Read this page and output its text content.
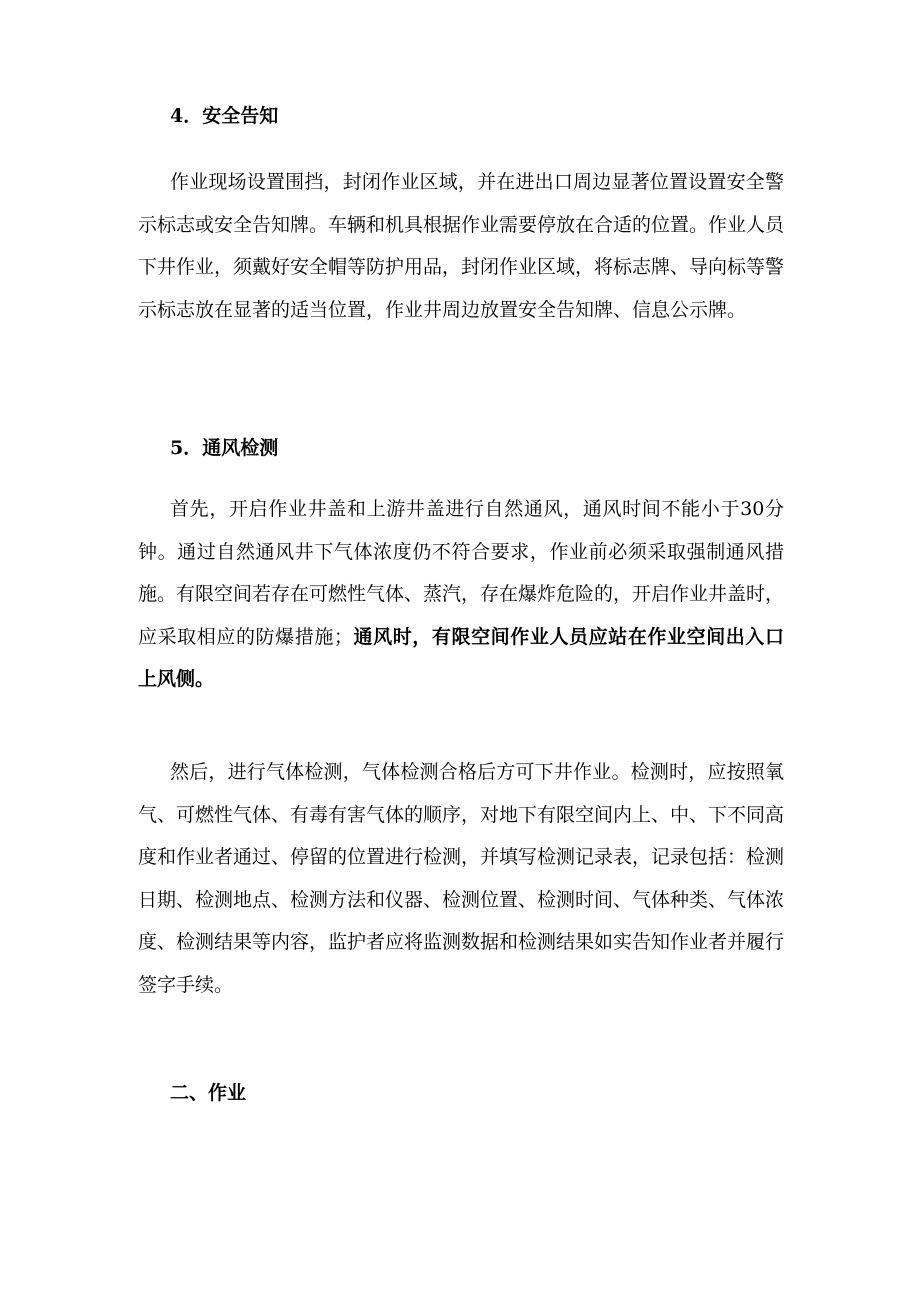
4．安全告知

作业现场设置围挡，封闭作业区域，并在进出口周边显著位置设置安全警示标志或安全告知牌。车辆和机具根据作业需要停放在合适的位置。作业人员下井作业，须戴好安全帽等防护用品，封闭作业区域，将标志牌、导向标等警示标志放在显著的适当位置，作业井周边放置安全告知牌、信息公示牌。

5．通风检测

首先，开启作业井盖和上游井盖进行自然通风，通风时间不能小于30分钟。通过自然通风井下气体浓度仍不符合要求，作业前必须采取强制通风措施。有限空间若存在可燃性气体、蒸汽，存在爆炸危险的，开启作业井盖时，应采取相应的防爆措施；通风时，有限空间作业人员应站在作业空间出入口上风侧。

然后，进行气体检测，气体检测合格后方可下井作业。检测时，应按照氧气、可燃性气体、有毒有害气体的顺序，对地下有限空间内上、中、下不同高度和作业者通过、停留的位置进行检测，并填写检测记录表，记录包括：检测日期、检测地点、检测方法和仪器、检测位置、检测时间、气体种类、气体浓度、检测结果等内容，监护者应将监测数据和检测结果如实告知作业者并履行签字手续。

二、作业
